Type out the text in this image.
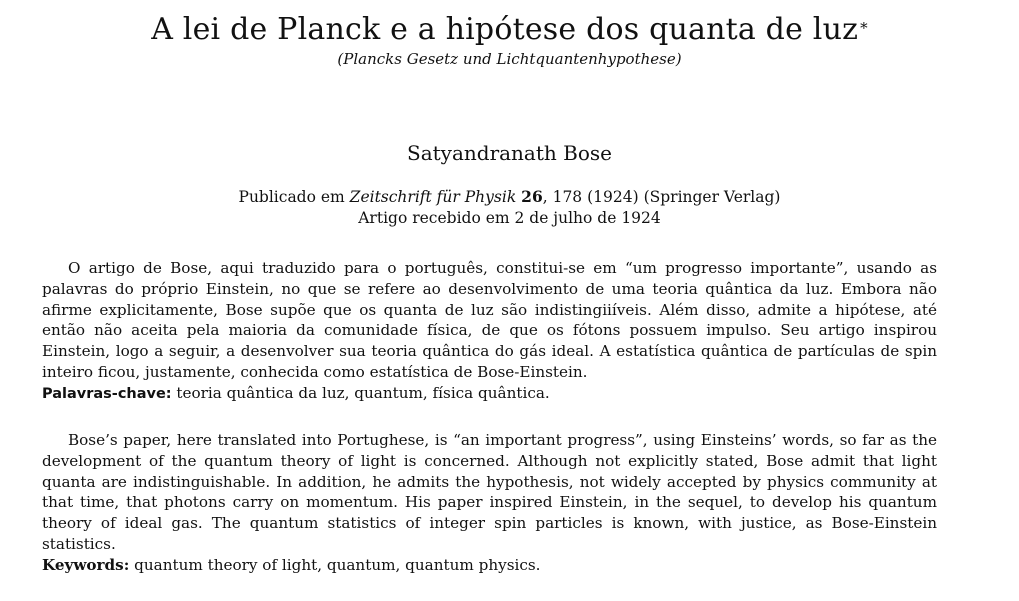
A lei de Planck e a hipótese dos quanta de luz *
(Plancks Gesetz und Lichtquantenhypothese)
Satyandranath Bose
Publicado em Zeitschrift für Physik 26, 178 (1924) (Springer Verlag)
Artigo recebido em 2 de julho de 1924

O artigo de Bose, aqui traduzido para o português, constitui-se em “um progresso importante”, usando as palavras do próprio Einstein, no que se refere ao desenvolvimento de uma teoria quântica da luz. Embora não afirme explicitamente, Bose supõe que os quanta de luz são indistingiiíveis. Além disso, admite a hipótese, até então não aceita pela maioria da comunidade física, de que os fótons possuem impulso. Seu artigo inspirou Einstein, logo a seguir, a desenvolver sua teoria quântica do gás ideal. A estatística quântica de partículas de spin inteiro ficou, justamente, conhecida como estatística de Bose-Einstein.

Palavras-chave: teoria quântica da luz, quantum, física quântica.

Bose’s paper, here translated into Portughese, is “an important progress”, using Einsteins’ words, so far as the development of the quantum theory of light is concerned. Although not explicitly stated, Bose admit that light quanta are indistinguishable. In addition, he admits the hypothesis, not widely accepted by physics community at that time, that photons carry on momentum. His paper inspired Einstein, in the sequel, to develop his quantum theory of ideal gas. The quantum statistics of integer spin particles is known, with justice, as Bose-Einstein statistics.

Keywords: quantum theory of light, quantum, quantum physics.
